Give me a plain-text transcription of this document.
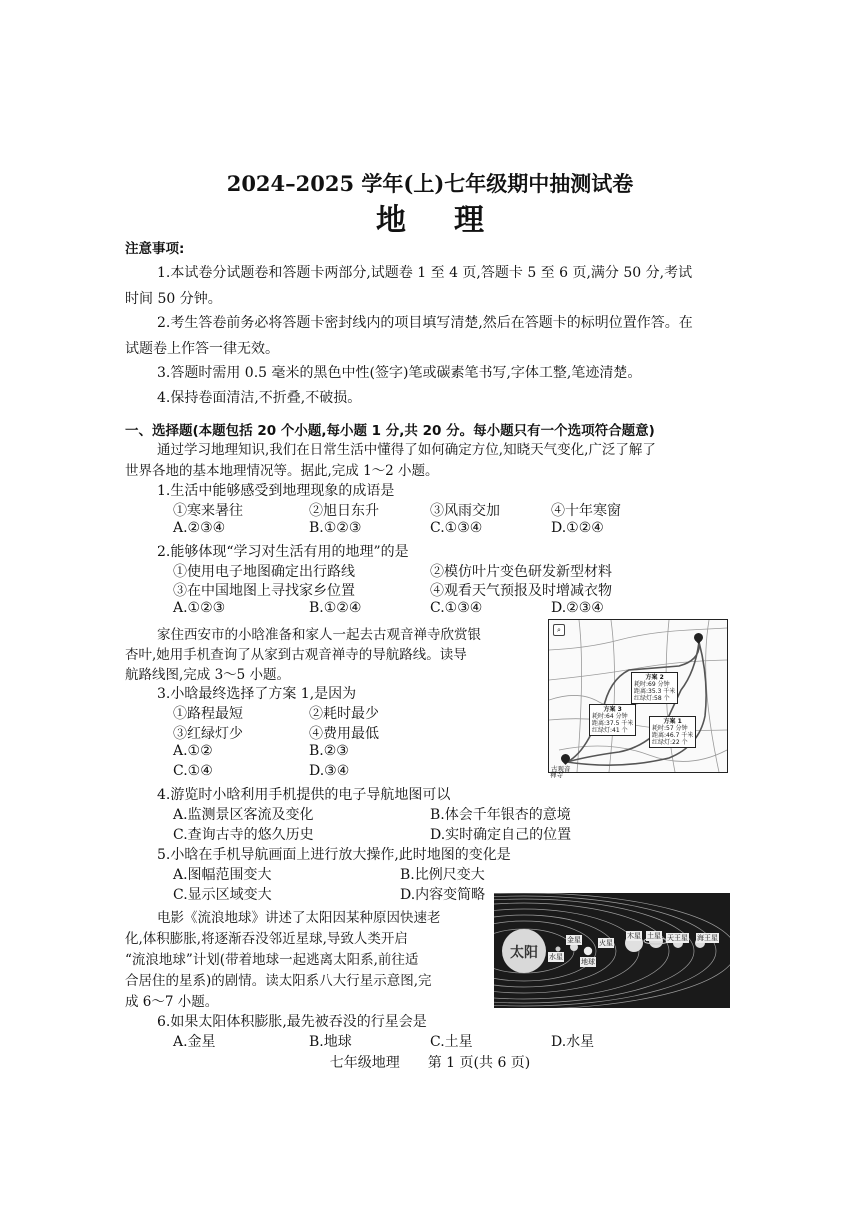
2024–2025 学年(上)七年级期中抽测试卷
地理
注意事项:
1.本试卷分试题卷和答题卡两部分,试题卷 1 至 4 页,答题卡 5 至 6 页,满分 50 分,考试
时间 50 分钟。
2.考生答卷前务必将答题卡密封线内的项目填写清楚,然后在答题卡的标明位置作答。在
试题卷上作答一律无效。
3.答题时需用 0.5 毫米的黑色中性(签字)笔或碳素笔书写,字体工整,笔迹清楚。
4.保持卷面清洁,不折叠,不破损。
一、选择题(本题包括 20 个小题,每小题 1 分,共 20 分。每小题只有一个选项符合题意)
通过学习地理知识,我们在日常生活中懂得了如何确定方位,知晓天气变化,广泛了解了
世界各地的基本地理情况等。据此,完成 1～2 小题。
1.生活中能够感受到地理现象的成语是
①寒来暑往	②旭日东升	③风雨交加	④十年寒窗
A.②③④	B.①②③	C.①③④	D.①②④
2.能够体现“学习对生活有用的地理”的是
①使用电子地图确定出行路线	②模仿叶片变色研发新型材料
③在中国地图上寻找家乡位置	④观看天气预报及时增减衣物
A.①②③	B.①②④	C.①③④	D.②③④
家住西安市的小晗准备和家人一起去古观音禅寺欣赏银
杏叶,她用手机查询了从家到古观音禅寺的导航路线。读导
航路线图,完成 3～5 小题。
3.小晗最终选择了方案 1,是因为
①路程最短	②耗时最少
③红绿灯少	④费用最低
A.①②	B.②③
C.①④	D.③④
⌕
方案 2
耗时:69 分钟
距离:35.3 千米
红绿灯:58 个
方案 3
耗时:64 分钟
距离:37.5 千米
红绿灯:41 个
方案 1
耗时:57 分钟
距离:46.7 千米
红绿灯:22 个
古观音
禅寺
4.游览时小晗利用手机提供的电子导航地图可以
A.监测景区客流及变化	B.体会千年银杏的意境
C.查询古寺的悠久历史	D.实时确定自己的位置
5.小晗在手机导航画面上进行放大操作,此时地图的变化是
A.图幅范围变大	B.比例尺变大
C.显示区域变大	D.内容变简略
电影《流浪地球》讲述了太阳因某种原因快速老
化,体积膨胀,将逐渐吞没邻近星球,导致人类开启
“流浪地球”计划(带着地球一起逃离太阳系,前往适
合居住的星系)的剧情。读太阳系八大行星示意图,完
成 6～7 小题。
太阳 水星
金星
地球
火星
木星 土星 天王星 海王星
6.如果太阳体积膨胀,最先被吞没的行星会是
A.金星	B.地球	C.土星	D.水星
七年级地理　　第 1 页(共 6 页)
